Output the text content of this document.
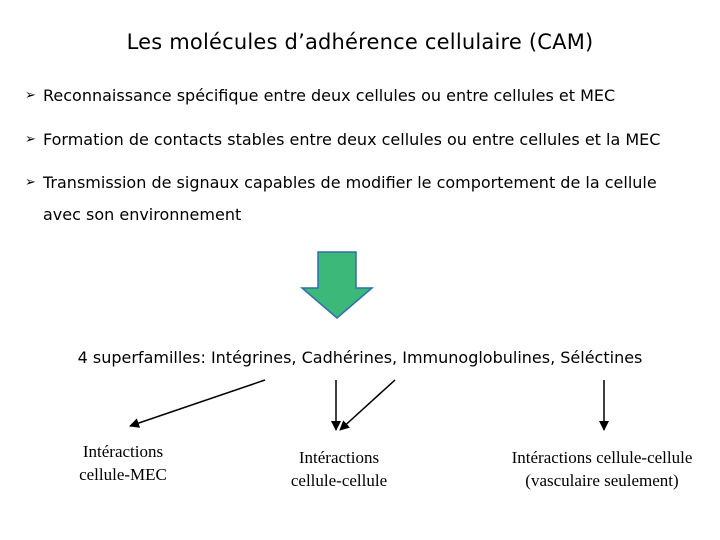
Les molécules d’adhérence cellulaire (CAM)
➢ Reconnaissance spécifique entre deux cellules ou entre cellules et MEC
➢ Formation de contacts stables entre deux cellules ou entre cellules et la MEC
➢ Transmission de signaux capables de modifier le comportement de la cellule
avec son environnement
4 superfamilles: Intégrines, Cadhérines, Immunoglobulines, Séléctines
Intéractions
cellule-MEC
Intéractions
cellule-cellule
Intéractions cellule-cellule
(vasculaire seulement)
